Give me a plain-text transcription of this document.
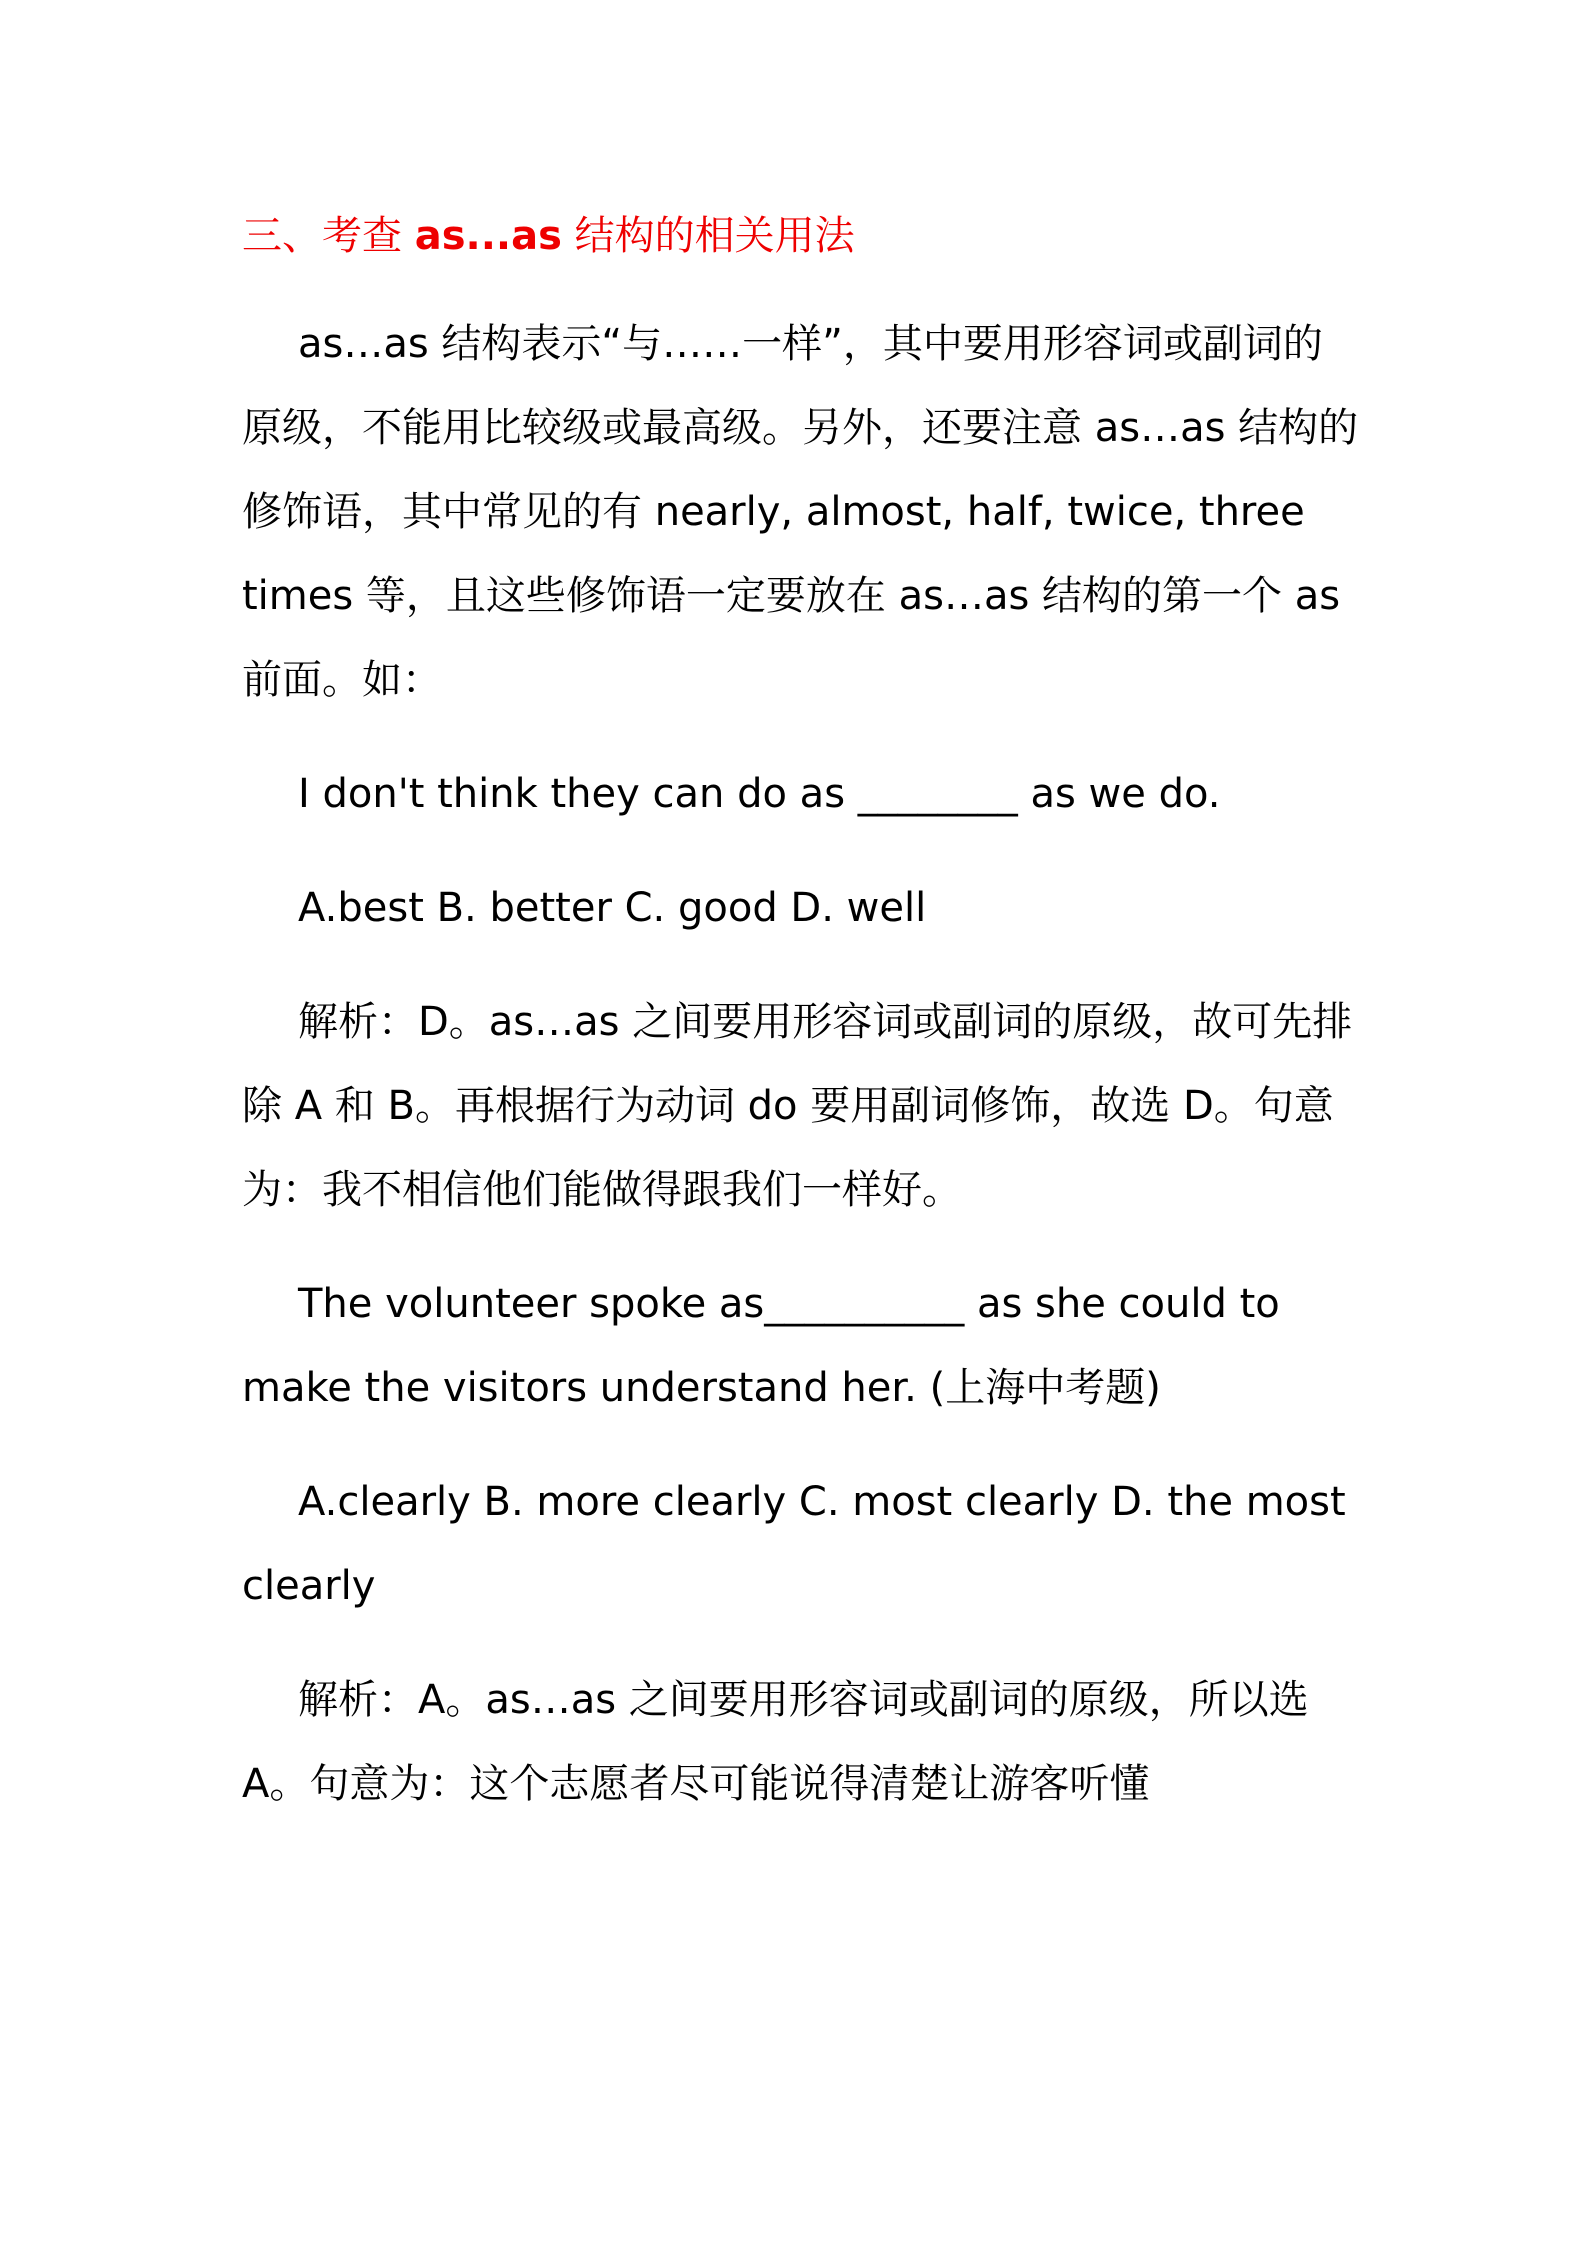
三、考查 as...as 结构的相关用法

as…as 结构表示“与……一样”，其中要用形容词或副词的原级，不能用比较级或最高级。另外，还要注意 as…as 结构的修饰语，其中常见的有 nearly, almost, half, twice, three times 等，且这些修饰语一定要放在 as…as 结构的第一个 as 前面。如：

I don't think they can do as ________ as we do.

A.best B. better C. good D. well

解析：D。as…as 之间要用形容词或副词的原级，故可先排除 A 和 B。再根据行为动词 do 要用副词修饰，故选 D。句意为：我不相信他们能做得跟我们一样好。

The volunteer spoke as__________ as she could to make the visitors understand her. (上海中考题)

A.clearly B. more clearly C. most clearly D. the most clearly

解析：A。as…as 之间要用形容词或副词的原级，所以选A。句意为：这个志愿者尽可能说得清楚让游客听懂
